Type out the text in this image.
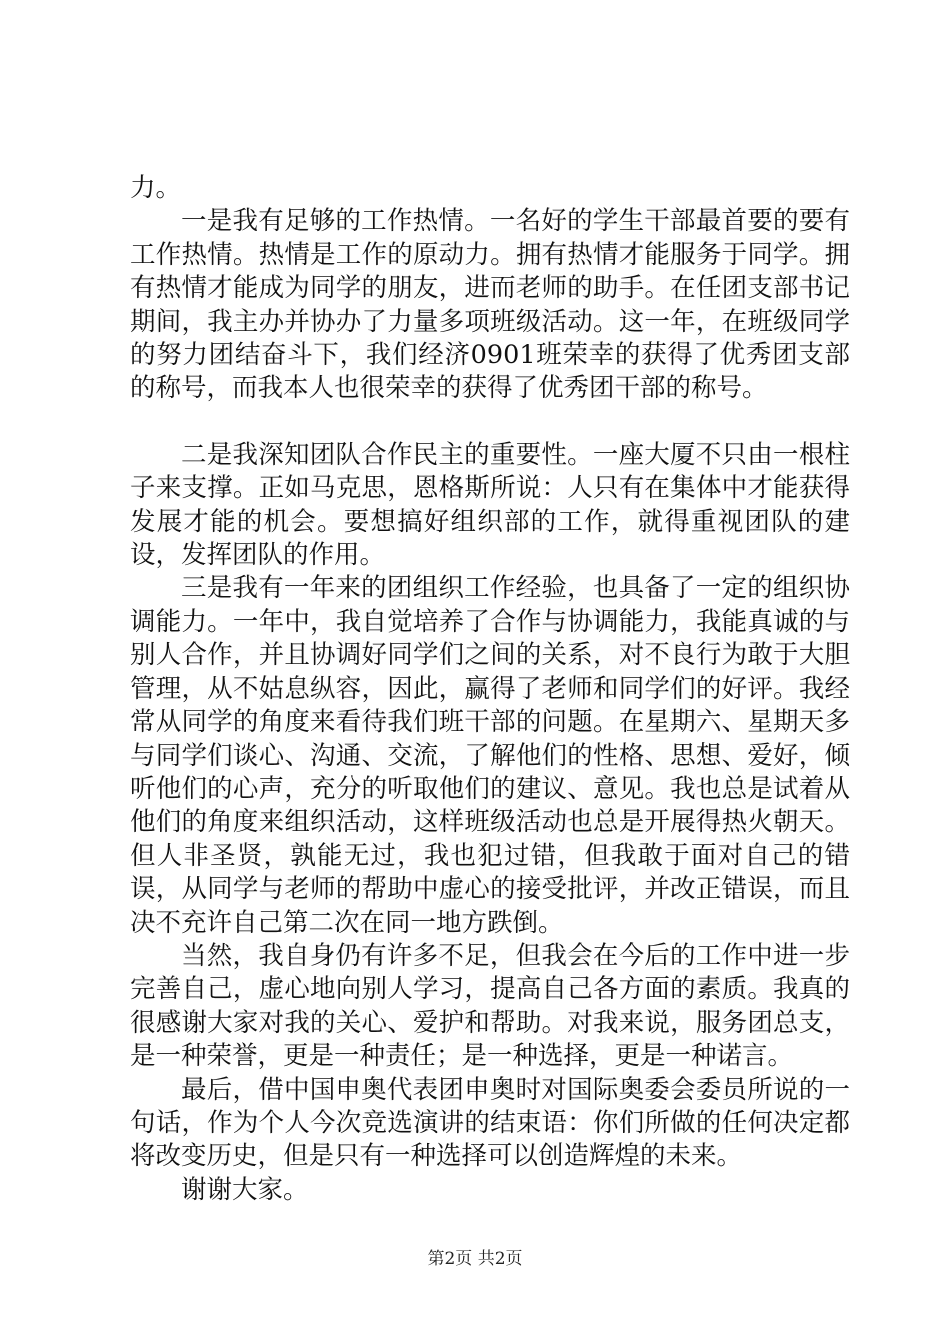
力。

一是我有足够的工作热情。一名好的学生干部最首要的要有工作热情。热情是工作的原动力。拥有热情才能服务于同学。拥有热情才能成为同学的朋友，进而老师的助手。在任团支部书记期间，我主办并协办了力量多项班级活动。这一年，在班级同学的努力团结奋斗下，我们经济0901班荣幸的获得了优秀团支部的称号，而我本人也很荣幸的获得了优秀团干部的称号。

二是我深知团队合作民主的重要性。一座大厦不只由一根柱子来支撑。正如马克思，恩格斯所说：人只有在集体中才能获得发展才能的机会。要想搞好组织部的工作，就得重视团队的建设，发挥团队的作用。

三是我有一年来的团组织工作经验，也具备了一定的组织协调能力。一年中，我自觉培养了合作与协调能力，我能真诚的与别人合作，并且协调好同学们之间的关系，对不良行为敢于大胆管理，从不姑息纵容，因此，赢得了老师和同学们的好评。我经常从同学的角度来看待我们班干部的问题。在星期六、星期天多与同学们谈心、沟通、交流，了解他们的性格、思想、爱好，倾听他们的心声，充分的听取他们的建议、意见。我也总是试着从他们的角度来组织活动，这样班级活动也总是开展得热火朝天。但人非圣贤，孰能无过，我也犯过错，但我敢于面对自己的错误，从同学与老师的帮助中虚心的接受批评，并改正错误，而且决不充许自己第二次在同一地方跌倒。

当然，我自身仍有许多不足，但我会在今后的工作中进一步完善自己，虚心地向别人学习，提高自己各方面的素质。我真的很感谢大家对我的关心、爱护和帮助。对我来说，服务团总支，是一种荣誉，更是一种责任；是一种选择，更是一种诺言。

最后，借中国申奥代表团申奥时对国际奥委会委员所说的一句话，作为个人今次竞选演讲的结束语：你们所做的任何决定都将改变历史，但是只有一种选择可以创造辉煌的未来。

谢谢大家。

第2页 共2页
